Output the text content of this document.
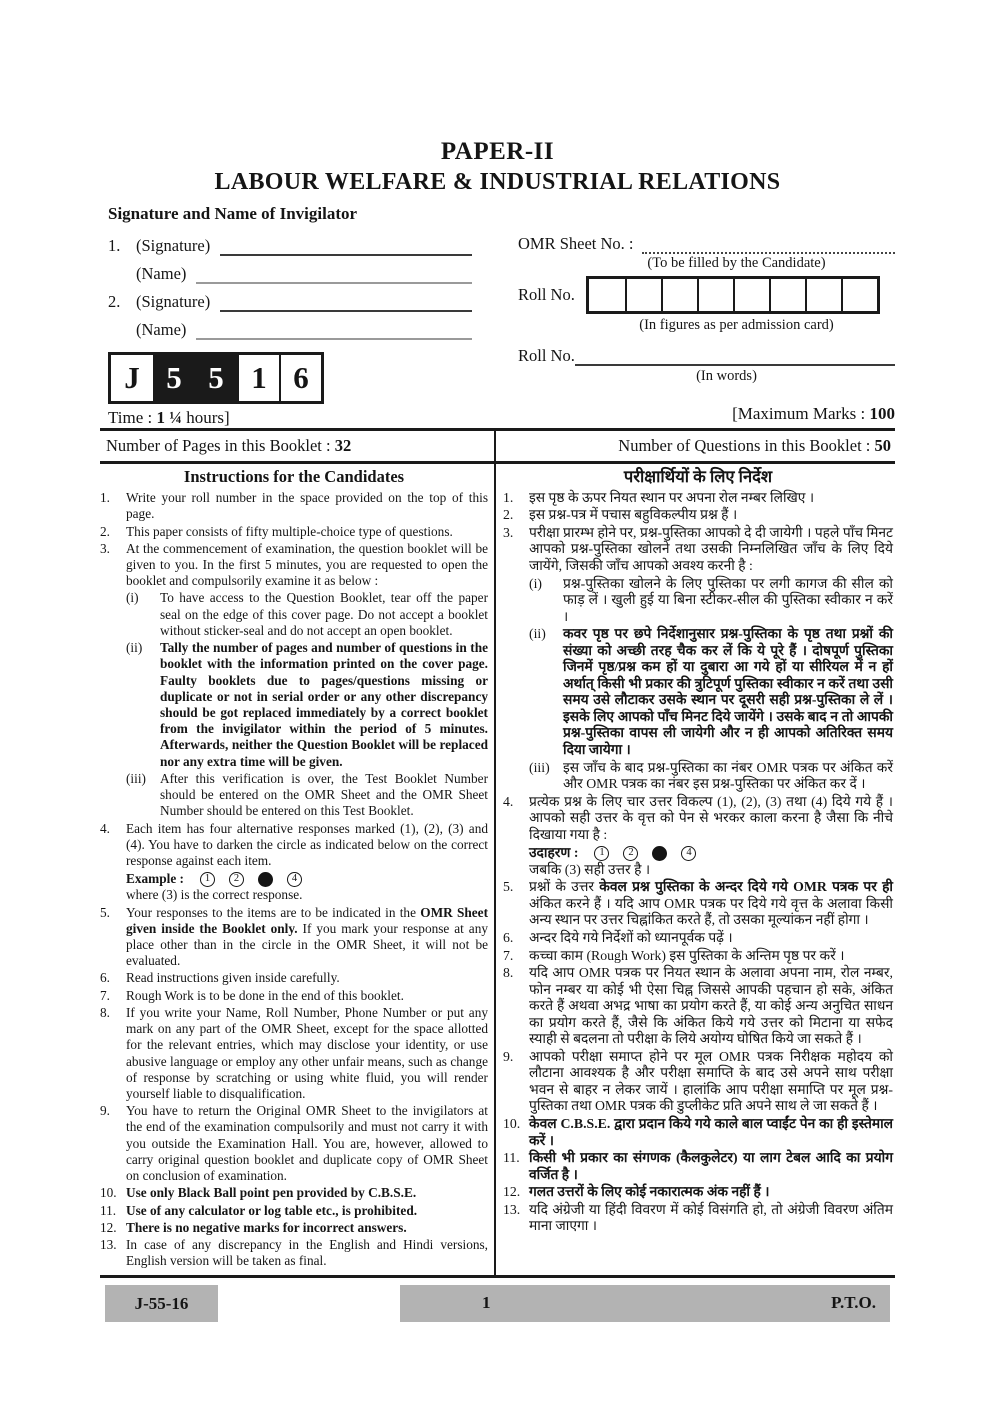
PAPER-II
LABOUR WELFARE & INDUSTRIAL RELATIONS
Signature and Name of Invigilator
1. (Signature)
(Name)
2. (Signature)
(Name)
J 5 5 1 6
Time : 1 ¼ hours]
OMR Sheet No. :
(To be filled by the Candidate)
Roll No.
(In figures as per admission card)
Roll No.
(In words)
[Maximum Marks : 100
Number of Pages in this Booklet : 32	Number of Questions in this Booklet : 50
Instructions for the Candidates
1.	Write your roll number in the space provided on the top of this page.
2.	This paper consists of fifty multiple-choice type of questions.
3.	At the commencement of examination, the question booklet will be given to you. In the first 5 minutes, you are requested to open the booklet and compulsorily examine it as below :
(i)	To have access to the Question Booklet, tear off the paper seal on the edge of this cover page. Do not accept a booklet without sticker-seal and do not accept an open booklet.
(ii)	Tally the number of pages and number of questions in the booklet with the information printed on the cover page. Faulty booklets due to pages/questions missing or duplicate or not in serial order or any other discrepancy should be got replaced immediately by a correct booklet from the invigilator within the period of 5 minutes. Afterwards, neither the Question Booklet will be replaced nor any extra time will be given.
(iii)	After this verification is over, the Test Booklet Number should be entered on the OMR Sheet and the OMR Sheet Number should be entered on this Test Booklet.
4.	Each item has four alternative responses marked (1), (2), (3) and (4). You have to darken the circle as indicated below on the correct response against each item.
Example :	1	2	4
where (3) is the correct response.
5.	Your responses to the items are to be indicated in the OMR Sheet given inside the Booklet only. If you mark your response at any place other than in the circle in the OMR Sheet, it will not be evaluated.
6.	Read instructions given inside carefully.
7.	Rough Work is to be done in the end of this booklet.
8.	If you write your Name, Roll Number, Phone Number or put any mark on any part of the OMR Sheet, except for the space allotted for the relevant entries, which may disclose your identity, or use abusive language or employ any other unfair means, such as change of response by scratching or using white fluid, you will render yourself liable to disqualification.
9.	You have to return the Original OMR Sheet to the invigilators at the end of the examination compulsorily and must not carry it with you outside the Examination Hall. You are, however, allowed to carry original question booklet and duplicate copy of OMR Sheet on conclusion of examination.
10. Use only Black Ball point pen provided by C.B.S.E.
11. Use of any calculator or log table etc., is prohibited.
12. There is no negative marks for incorrect answers.
13. In case of any discrepancy in the English and Hindi versions, English version will be taken as final.
परीक्षार्थियों के लिए निर्देश
1.	इस पृष्ठ के ऊपर नियत स्थान पर अपना रोल नम्बर लिखिए ।
2.	इस प्रश्न-पत्र में पचास बहुविकल्पीय प्रश्न हैं ।
3.	परीक्षा प्रारम्भ होने पर, प्रश्न-पुस्तिका आपको दे दी जायेगी । पहले पाँच मिनट आपको प्रश्न-पुस्तिका खोलने तथा उसकी निम्नलिखित जाँच के लिए दिये जायेंगे, जिसकी जाँच आपको अवश्य करनी है :
(i)	प्रश्न-पुस्तिका खोलने के लिए पुस्तिका पर लगी कागज की सील को फाड़ लें । खुली हुई या बिना स्टीकर-सील की पुस्तिका स्वीकार न करें ।
(ii)	कवर पृष्ठ पर छपे निर्देशानुसार प्रश्न-पुस्तिका के पृष्ठ तथा प्रश्नों की संख्या को अच्छी तरह चैक कर लें कि ये पूरे हैं । दोषपूर्ण पुस्तिका जिनमें पृष्ठ/प्रश्न कम हों या दुबारा आ गये हों या सीरियल में न हों अर्थात् किसी भी प्रकार की त्रुटिपूर्ण पुस्तिका स्वीकार न करें तथा उसी समय उसे लौटाकर उसके स्थान पर दूसरी सही प्रश्न-पुस्तिका ले लें । इसके लिए आपको पाँच मिनट दिये जायेंगे । उसके बाद न तो आपकी प्रश्न-पुस्तिका वापस ली जायेगी और न ही आपको अतिरिक्त समय दिया जायेगा ।
(iii) इस जाँच के बाद प्रश्न-पुस्तिका का नंबर OMR पत्रक पर अंकित करें और OMR पत्रक का नंबर इस प्रश्न-पुस्तिका पर अंकित कर दें ।
4.	प्रत्येक प्रश्न के लिए चार उत्तर विकल्प (1), (2), (3) तथा (4) दिये गये हैं । आपको सही उत्तर के वृत्त को पेन से भरकर काला करना है जैसा कि नीचे दिखाया गया है :
उदाहरण :	1	2	4
जबकि (3) सही उत्तर है ।
5.	प्रश्नों के उत्तर केवल प्रश्न पुस्तिका के अन्दर दिये गये OMR पत्रक पर ही अंकित करने हैं । यदि आप OMR पत्रक पर दिये गये वृत्त के अलावा किसी अन्य स्थान पर उत्तर चिह्नांकित करते हैं, तो उसका मूल्यांकन नहीं होगा ।
6.	अन्दर दिये गये निर्देशों को ध्यानपूर्वक पढ़ें ।
7.	कच्चा काम (Rough Work) इस पुस्तिका के अन्तिम पृष्ठ पर करें ।
8.	यदि आप OMR पत्रक पर नियत स्थान के अलावा अपना नाम, रोल नम्बर, फोन नम्बर या कोई भी ऐसा चिह्न जिससे आपकी पहचान हो सके, अंकित करते हैं अथवा अभद्र भाषा का प्रयोग करते हैं, या कोई अन्य अनुचित साधन का प्रयोग करते हैं, जैसे कि अंकित किये गये उत्तर को मिटाना या सफेद स्याही से बदलना तो परीक्षा के लिये अयोग्य घोषित किये जा सकते हैं ।
9.	आपको परीक्षा समाप्त होने पर मूल OMR पत्रक निरीक्षक महोदय को लौटाना आवश्यक है और परीक्षा समाप्ति के बाद उसे अपने साथ परीक्षा भवन से बाहर न लेकर जायें । हालांकि आप परीक्षा समाप्ति पर मूल प्रश्न-पुस्तिका तथा OMR पत्रक की डुप्लीकेट प्रति अपने साथ ले जा सकते हैं ।
10. केवल C.B.S.E. द्वारा प्रदान किये गये काले बाल प्वाईंट पेन का ही इस्तेमाल करें ।
11. किसी भी प्रकार का संगणक (कैलकुलेटर) या लाग टेबल आदि का प्रयोग वर्जित है ।
12. गलत उत्तरों के लिए कोई नकारात्मक अंक नहीं हैं ।
13. यदि अंग्रेजी या हिंदी विवरण में कोई विसंगति हो, तो अंग्रेजी विवरण अंतिम माना जाएगा ।
J-55-16	1	P.T.O.
